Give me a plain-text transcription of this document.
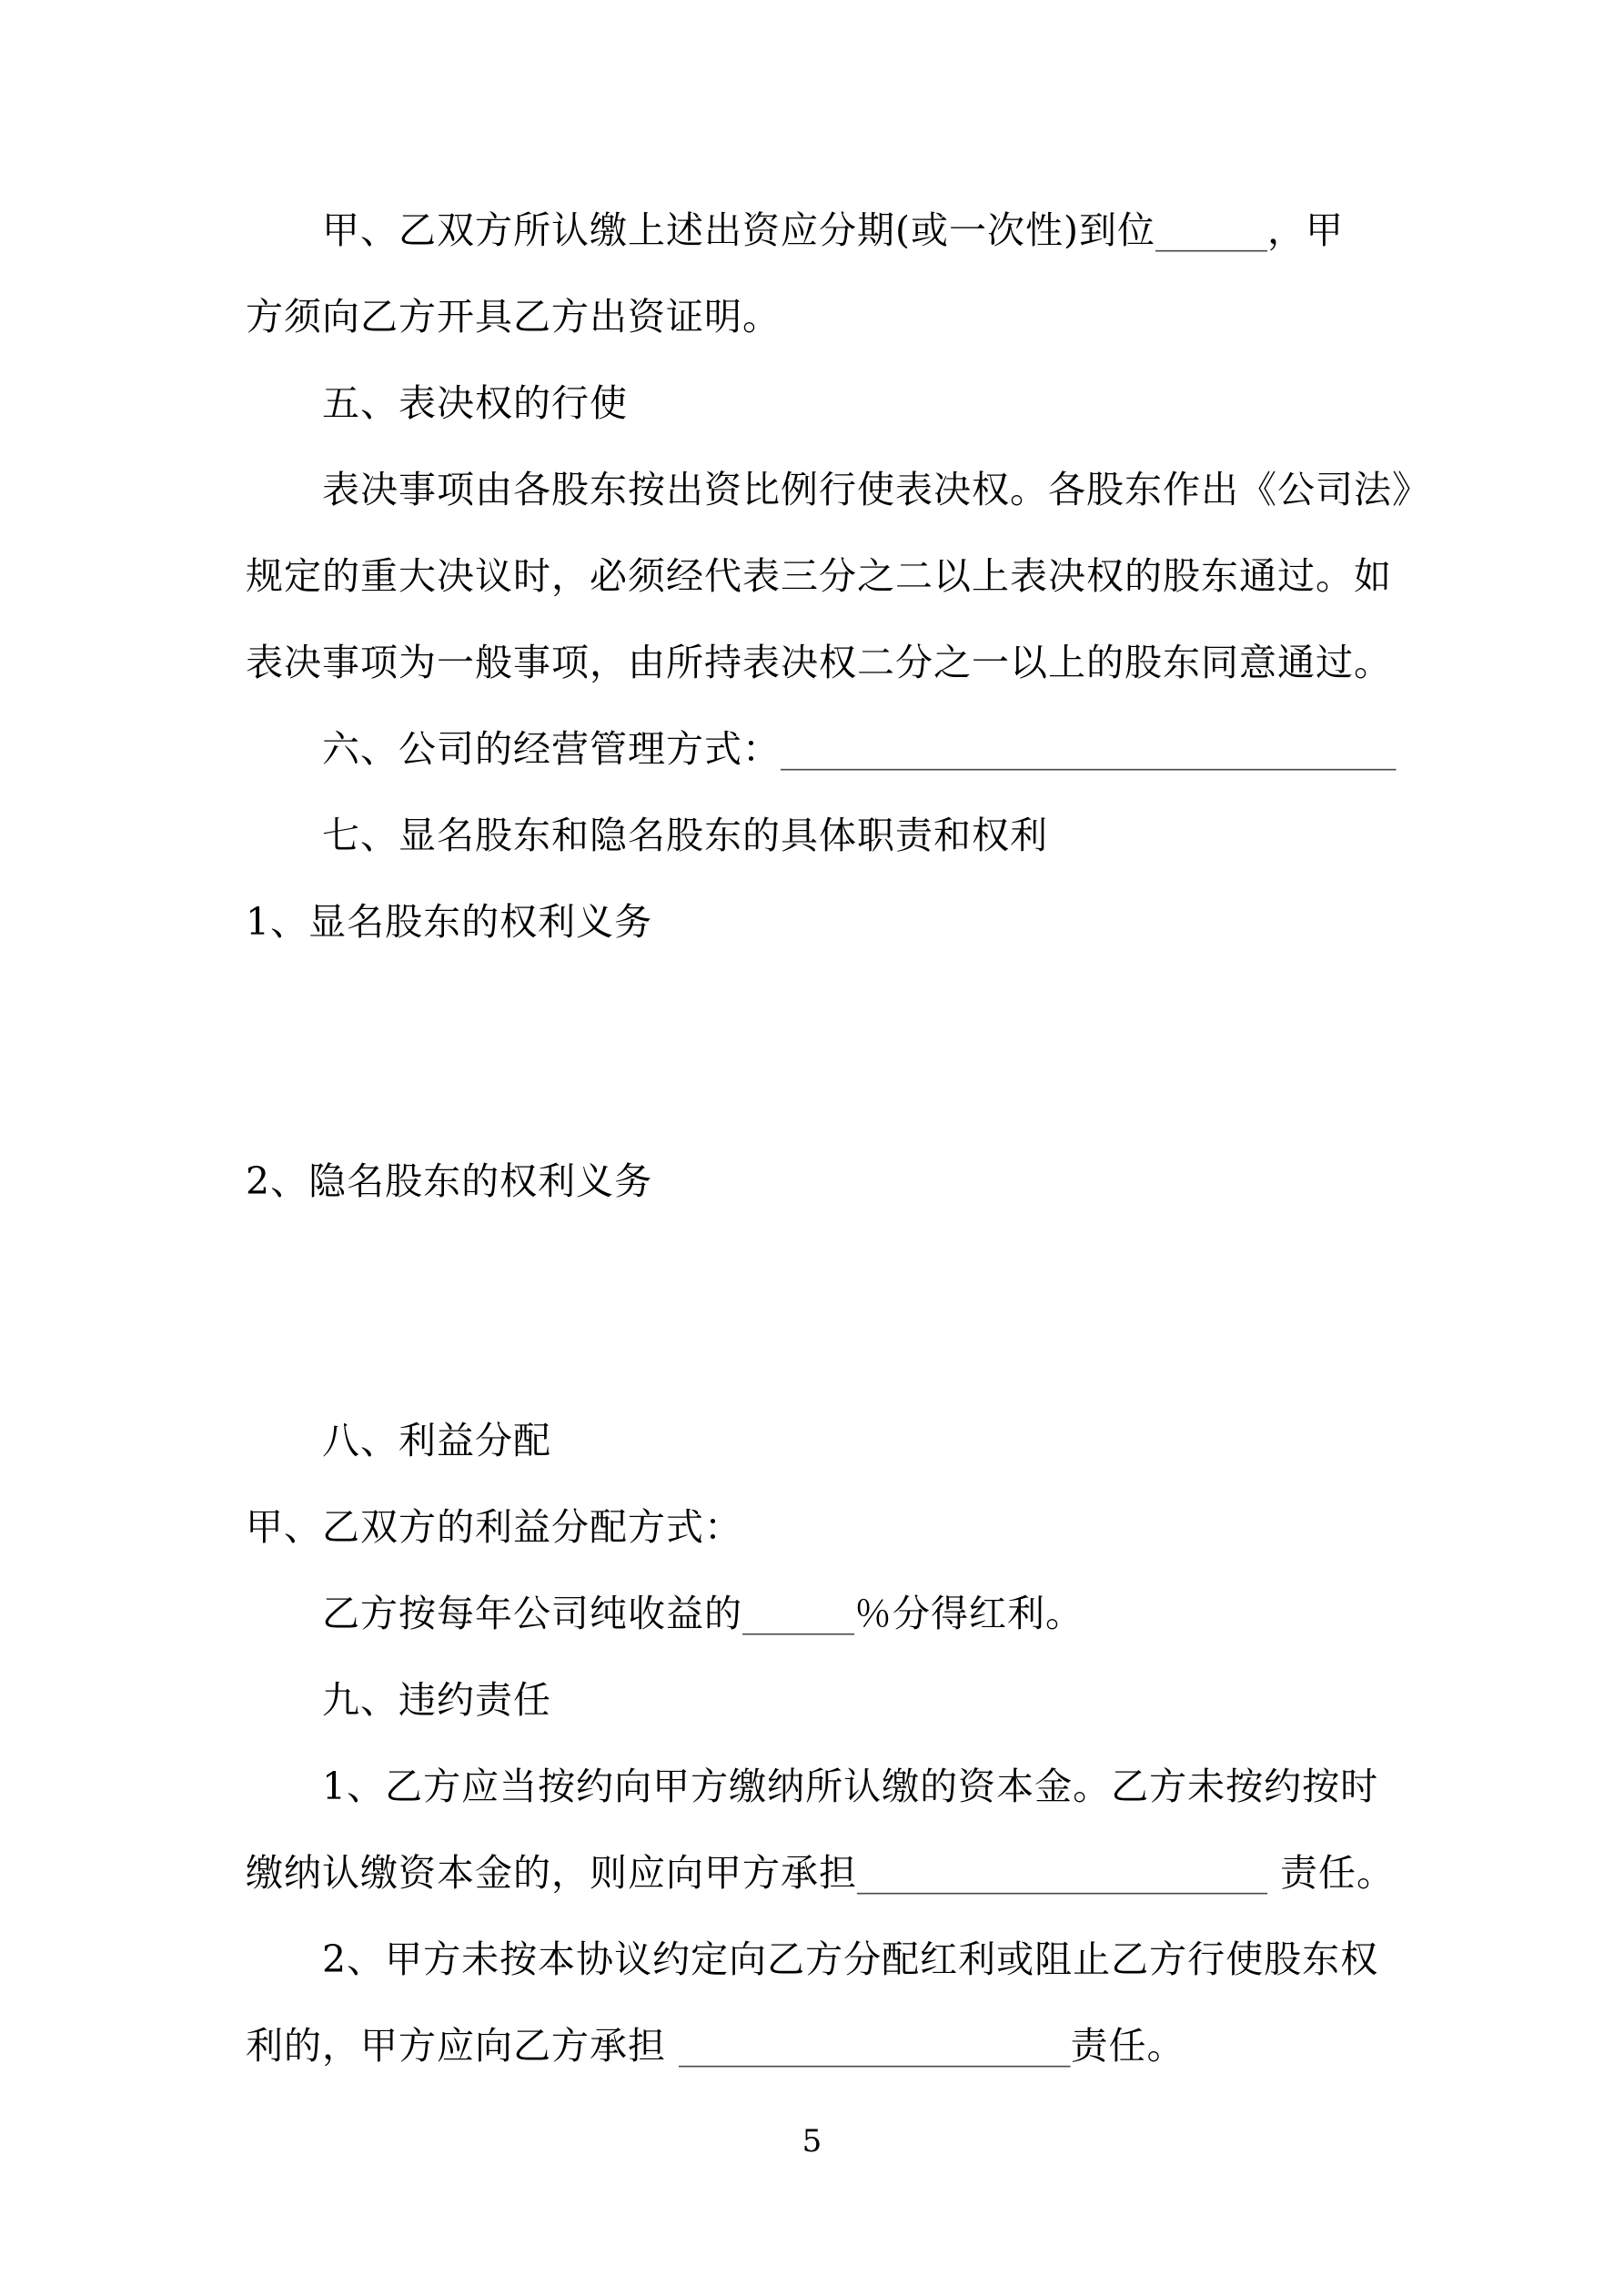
甲、乙双方所认缴上述出资应分期(或一次性)到位______，甲
方须向乙方开具乙方出资证明。
五、表决权的行使
表决事项由各股东按出资比例行使表决权。各股东作出《公司法》
规定的重大决议时，必须经代表三分之二以上表决权的股东通过。如
表决事项为一般事项，由所持表决权二分之一以上的股东同意通过。
六、公司的经营管理方式：_________________________________
七、显名股东和隐名股东的具体职责和权利
1、显名股东的权利义务
2、隐名股东的权利义务
八、利益分配
甲、乙双方的利益分配方式：
乙方按每年公司纯收益的______％分得红利。
九、违约责任
1、乙方应当按约向甲方缴纳所认缴的资本金。乙方未按约按时
缴纳认缴资本金的，则应向甲方承担______________________ 责任。
2、甲方未按本协议约定向乙方分配红利或阻止乙方行使股东权
利的，甲方应向乙方承担 _____________________责任。
5
